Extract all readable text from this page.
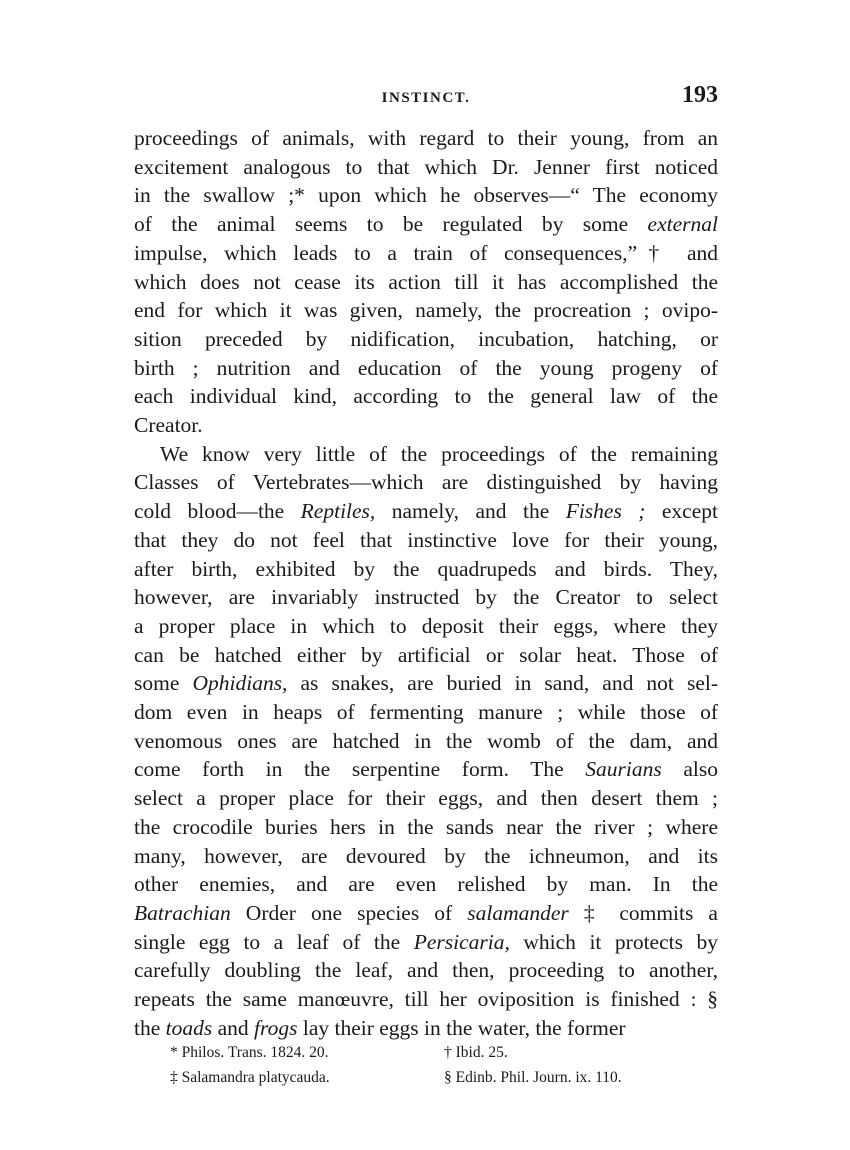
INSTINCT.	193
proceedings of animals, with regard to their young, from an
excitement analogous to that which Dr. Jenner first noticed
in the swallow ;* upon which he observes—“ The economy
of the animal seems to be regulated by some external
impulse, which leads to a train of consequences,”† and
which does not cease its action till it has accomplished the
end for which it was given, namely, the procreation ; ovipo-
sition preceded by nidification, incubation, hatching, or
birth ; nutrition and education of the young progeny of
each individual kind, according to the general law of the
Creator.
We know very little of the proceedings of the remaining
Classes of Vertebrates—which are distinguished by having
cold blood—the Reptiles, namely, and the Fishes ; except
that they do not feel that instinctive love for their young,
after birth, exhibited by the quadrupeds and birds. They,
however, are invariably instructed by the Creator to select
a proper place in which to deposit their eggs, where they
can be hatched either by artificial or solar heat. Those of
some Ophidians, as snakes, are buried in sand, and not sel-
dom even in heaps of fermenting manure ; while those of
venomous ones are hatched in the womb of the dam, and
come forth in the serpentine form. The Saurians also
select a proper place for their eggs, and then desert them ;
the crocodile buries hers in the sands near the river ; where
many, however, are devoured by the ichneumon, and its
other enemies, and are even relished by man. In the
Batrachian Order one species of salamander ‡ commits a
single egg to a leaf of the Persicaria, which it protects by
carefully doubling the leaf, and then, proceeding to another,
repeats the same manœuvre, till her oviposition is finished : §
the toads and frogs lay their eggs in the water, the former
* Philos. Trans. 1824. 20.	† Ibid. 25.
‡ Salamandra platycauda.	§ Edinb. Phil. Journ. ix. 110.
